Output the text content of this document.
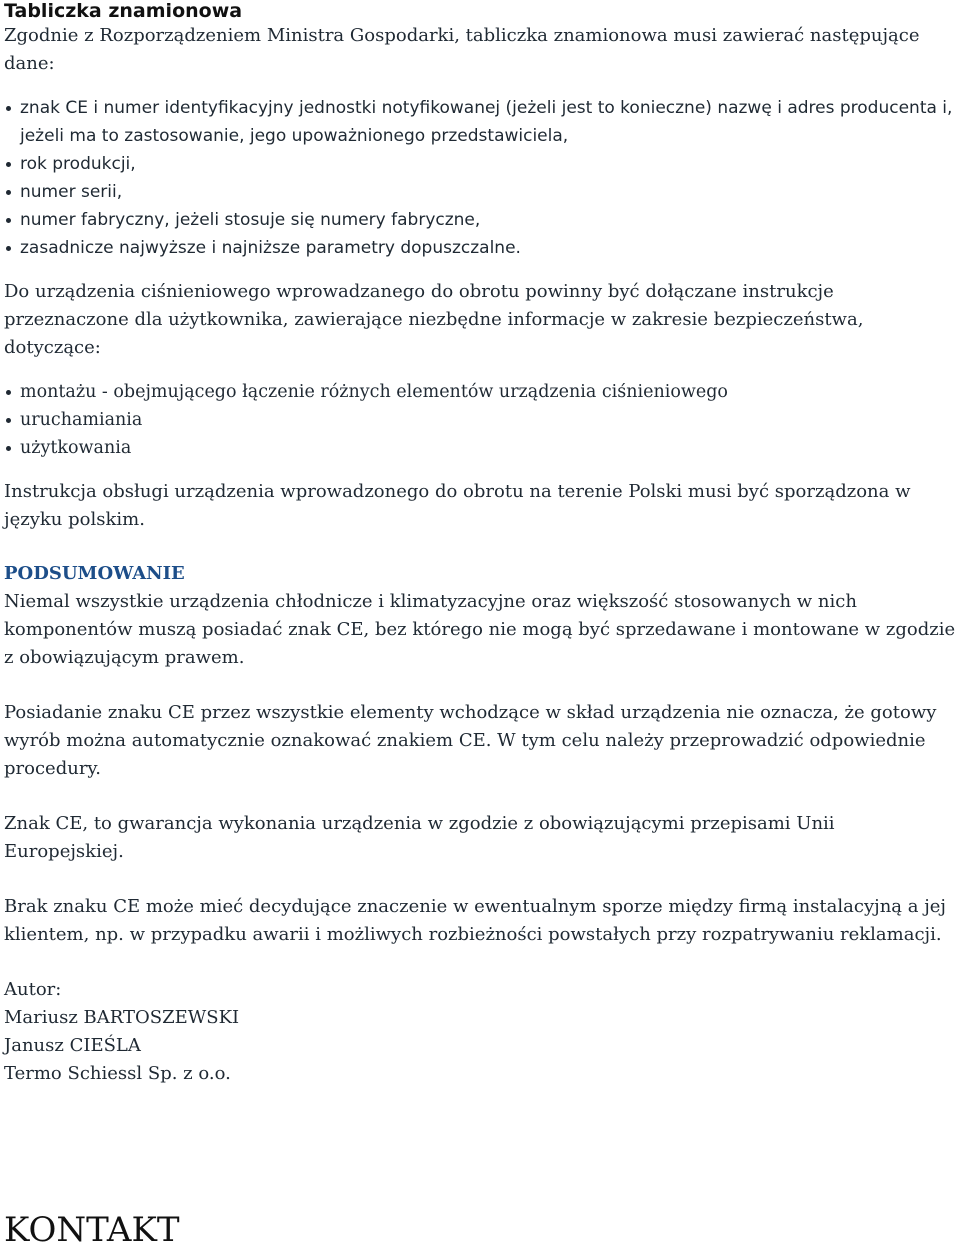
Tabliczka znamionowa

Zgodnie z Rozporządzeniem Ministra Gospodarki, tabliczka znamionowa musi zawierać następujące dane:

znak CE i numer identyfikacyjny jednostki notyfikowanej (jeżeli jest to konieczne) nazwę i adres producenta i, jeżeli ma to zastosowanie, jego upoważnionego przedstawiciela,
rok produkcji,
numer serii,
numer fabryczny, jeżeli stosuje się numery fabryczne,
zasadnicze najwyższe i najniższe parametry dopuszczalne.

Do urządzenia ciśnieniowego wprowadzanego do obrotu powinny być dołączane instrukcje przeznaczone dla użytkownika, zawierające niezbędne informacje w zakresie bezpieczeństwa, dotyczące:

montażu - obejmującego łączenie różnych elementów urządzenia ciśnieniowego
uruchamiania
użytkowania

Instrukcja obsługi urządzenia wprowadzonego do obrotu na terenie Polski musi być sporządzona w języku polskim.

PODSUMOWANIE

Niemal wszystkie urządzenia chłodnicze i klimatyzacyjne oraz większość stosowanych w nich komponentów muszą posiadać znak CE, bez którego nie mogą być sprzedawane i montowane w zgodzie z obowiązującym prawem.

Posiadanie znaku CE przez wszystkie elementy wchodzące w skład urządzenia nie oznacza, że gotowy wyrób można automatycznie oznakować znakiem CE. W tym celu należy przeprowadzić odpowiednie procedury.

Znak CE, to gwarancja wykonania urządzenia w zgodzie z obowiązującymi przepisami Unii Europejskiej.

Brak znaku CE może mieć decydujące znaczenie w ewentualnym sporze między firmą instalacyjną a jej klientem, np. w przypadku awarii i możliwych rozbieżności powstałych przy rozpatrywaniu reklamacji.

Autor:

Mariusz BARTOSZEWSKI

Janusz CIEŚLA

Termo Schiessl Sp. z o.o.

KONTAKT
